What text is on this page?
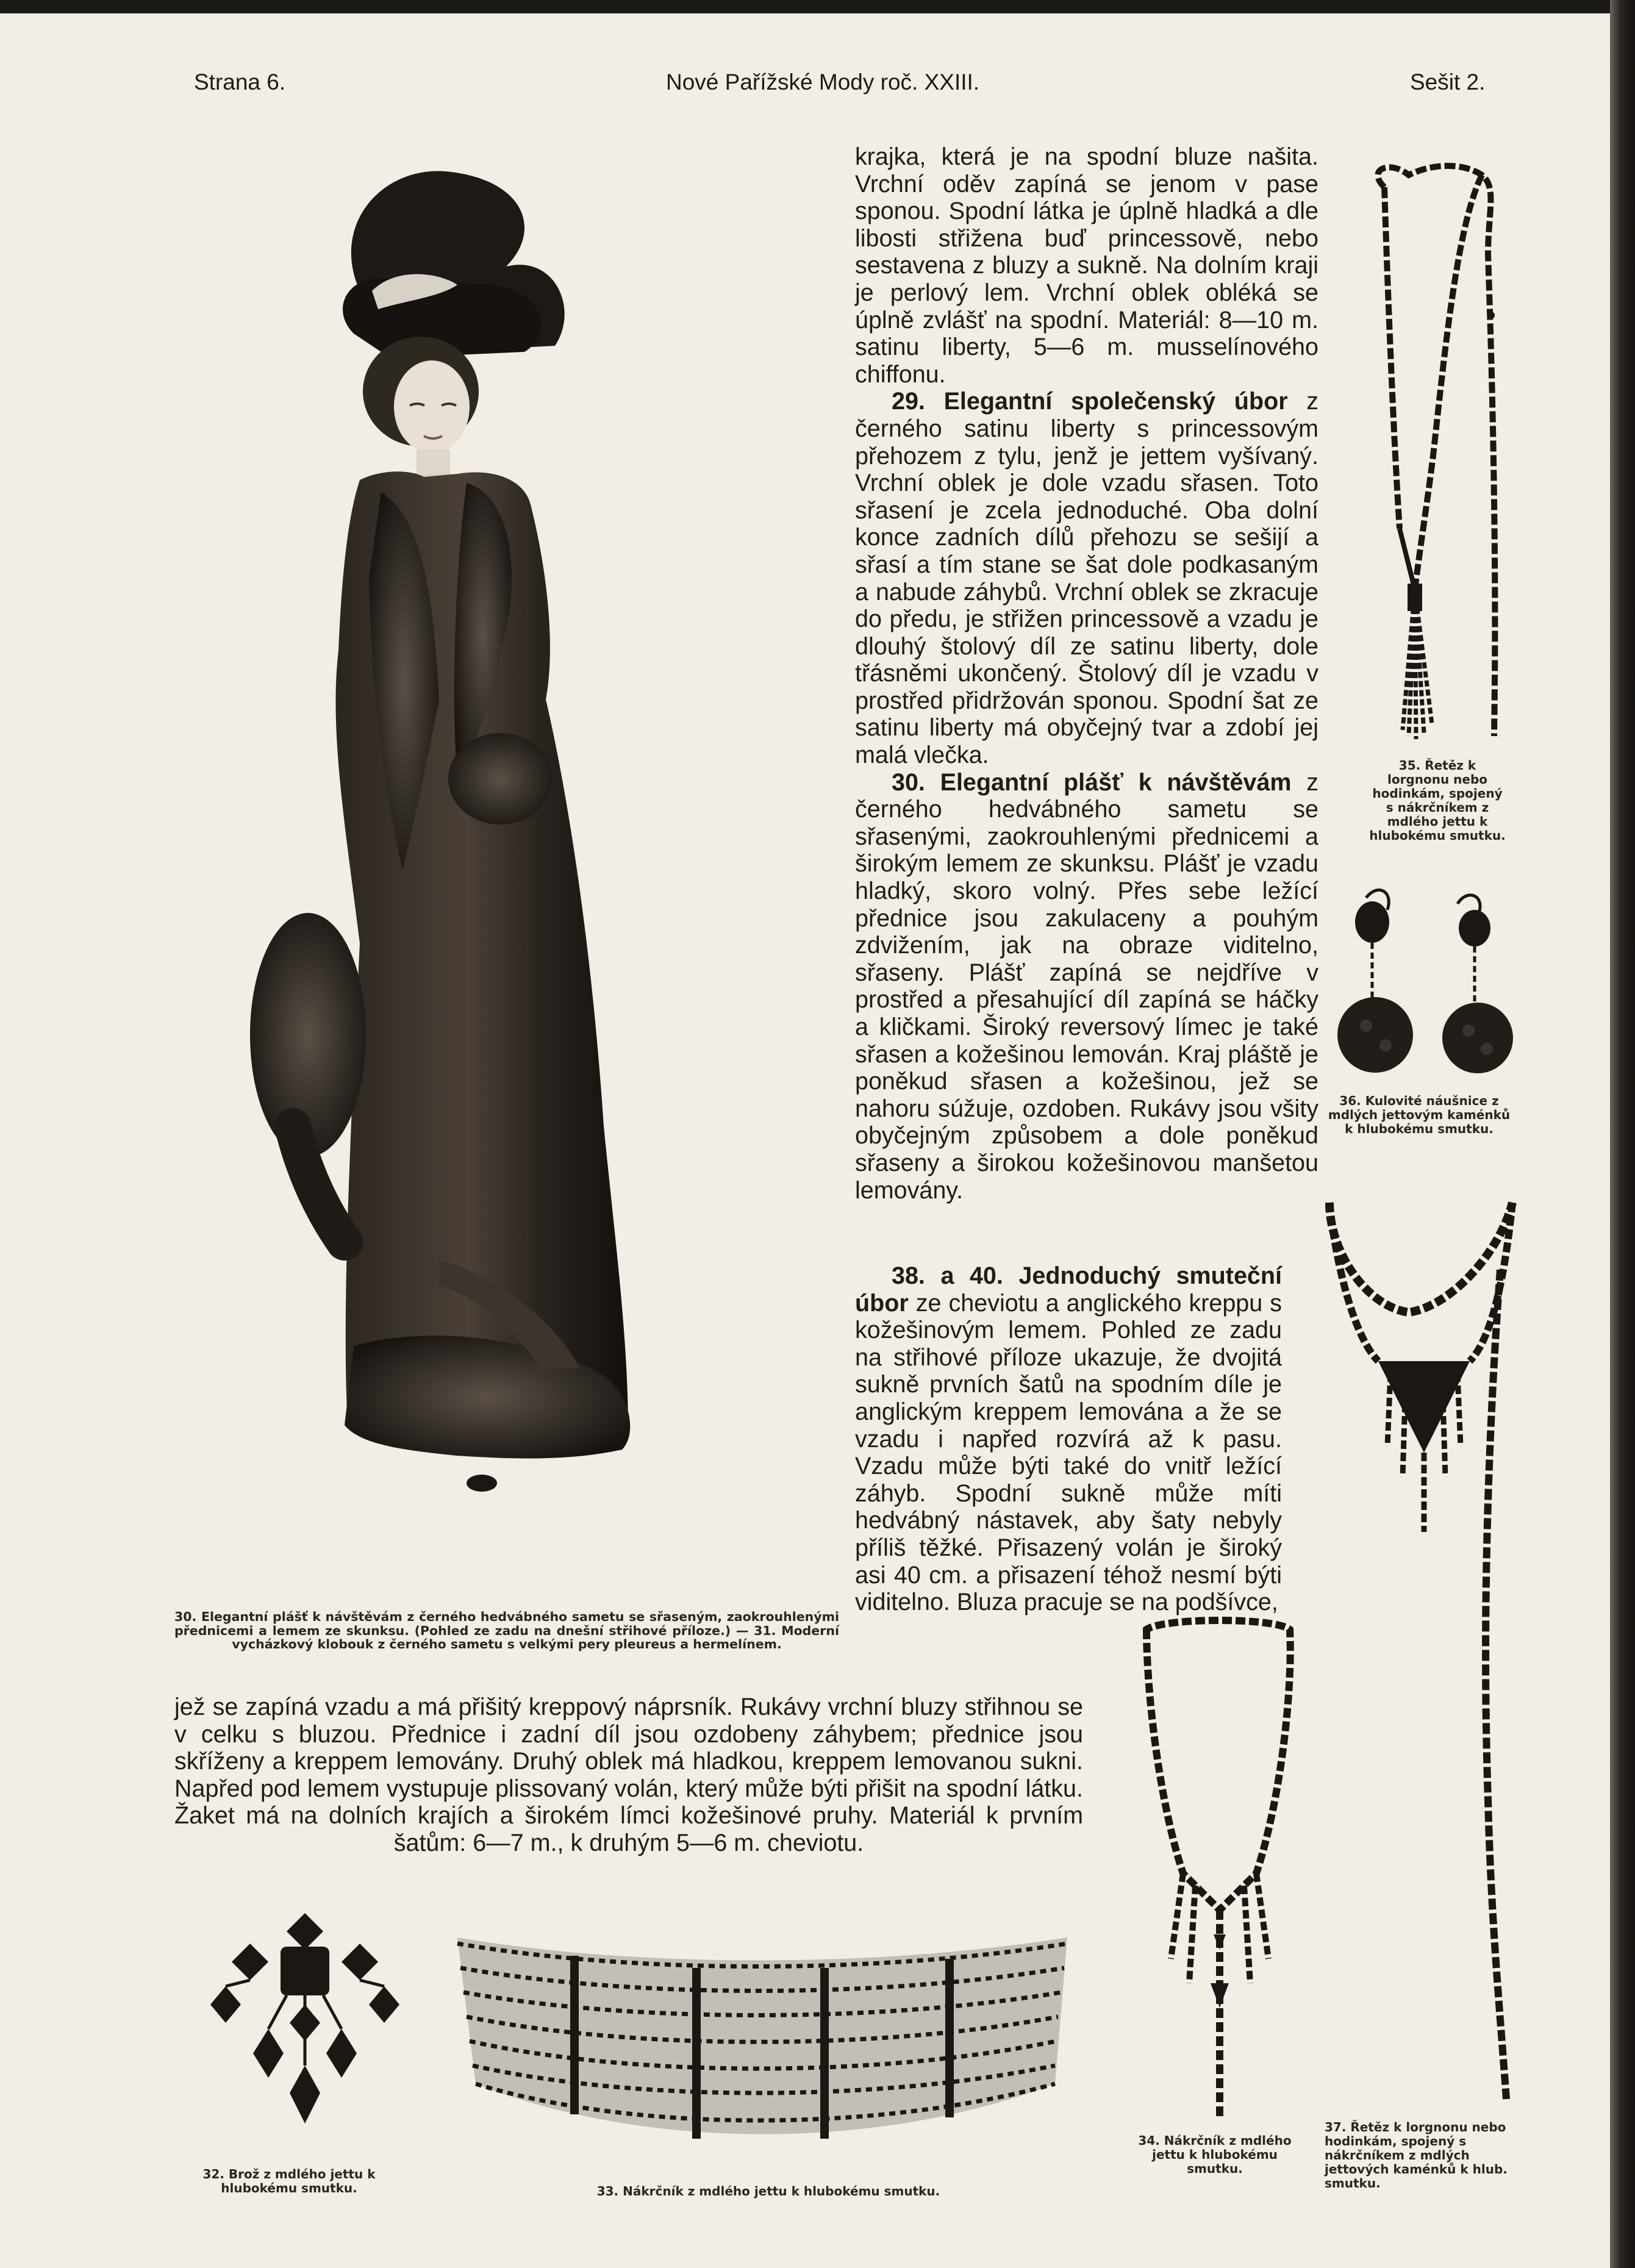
Strana 6.	Nové Pařížské Mody roč. XXIII.	Sešit 2.
30. Elegantní plášť k návštěvám z černého hedvábného sametu se sřaseným, zaokrouhlenými přednicemi a lemem ze skunksu. (Pohled ze zadu na dnešní střihové příloze.) — 31. Moderní vycházkový klobouk z černého sametu s velkými pery pleureus a hermelínem.

krajka, která je na spodní bluze našita. Vrchní oděv zapíná se jenom v pase sponou. Spodní látka je úplně hladká a dle libosti střižena buď princessově, nebo sestavena z bluzy a sukně. Na dolním kraji je perlový lem. Vrchní oblek obléká se úplně zvlášť na spodní. Materiál: 8—10 m. satinu liberty, 5—6 m. musselínového chiffonu.

29. Elegantní společenský úbor z černého satinu liberty s princessovým přehozem z tylu, jenž je jettem vyšívaný. Vrchní oblek je dole vzadu sřasen. Toto sřasení je zcela jednoduché. Oba dolní konce zadních dílů přehozu se sešijí a sřasí a tím stane se šat dole podkasaným a nabude záhybů. Vrchní oblek se zkracuje do předu, je střižen princessově a vzadu je dlouhý štolový díl ze satinu liberty, dole třásněmi ukončený. Štolový díl je vzadu v prostřed přidržován sponou. Spodní šat ze satinu liberty má obyčejný tvar a zdobí jej malá vlečka.

30. Elegantní plášť k návštěvám z černého hedvábného sametu se sřasenými, zaokrouhlenými přednicemi a širokým lemem ze skunksu. Plášť je vzadu hladký, skoro volný. Přes sebe ležící přednice jsou zakulaceny a pouhým zdvižením, jak na obraze viditelno, sřaseny. Plášť zapíná se nejdříve v prostřed a přesahující díl zapíná se háčky a kličkami. Široký reversový límec je také sřasen a kožešinou lemován. Kraj pláště je poněkud sřasen a kožešinou, jež se nahoru súžuje, ozdoben. Rukávy jsou všity obyčejným způsobem a dole poněkud sřaseny a širokou kožešinovou manšetou lemovány.

38. a 40. Jednoduchý smuteční úbor ze cheviotu a anglického kreppu s kožešinovým lemem. Pohled ze zadu na střihové příloze ukazuje, že dvojitá sukně prvních šatů na spodním díle je anglickým kreppem lemována a že se vzadu i napřed rozvírá až k pasu. Vzadu může býti také do vnitř ležící záhyb. Spodní sukně může míti hedvábný nástavek, aby šaty nebyly příliš těžké. Přisazený volán je široký asi 40 cm. a přisazení téhož nesmí býti viditelno. Bluza pracuje se na podšívce,

jež se zapíná vzadu a má přišitý kreppový náprsník. Rukávy vrchní bluzy střihnou se v celku s bluzou. Přednice i zadní díl jsou ozdobeny záhybem; přednice jsou skříženy a kreppem lemovány. Druhý oblek má hladkou, kreppem lemovanou sukni. Napřed pod lemem vystupuje plissovaný volán, který může býti přišit na spodní látku. Žaket má na dolních krajích a širokém límci kožešinové pruhy. Materiál k prvním šatům: 6—7 m., k druhým 5—6 m. cheviotu.
35. Řetěz k lorgnonu nebo hodinkám, spojený s nákrčníkem z mdlého jettu k hlubokému smutku.
36. Kulovité náušnice z mdlých jettovým kaménků k hlubokému smutku.
37. Řetěz k lorgnonu nebo hodinkám, spojený s nákrčníkem z mdlých jettových kaménků k hlub. smutku.
34. Nákrčník z mdlého jettu k hlubokému smutku.
32. Brož z mdlého jettu k hlubokému smutku.	33. Nákrčník z mdlého jettu k hlubokému smutku.
